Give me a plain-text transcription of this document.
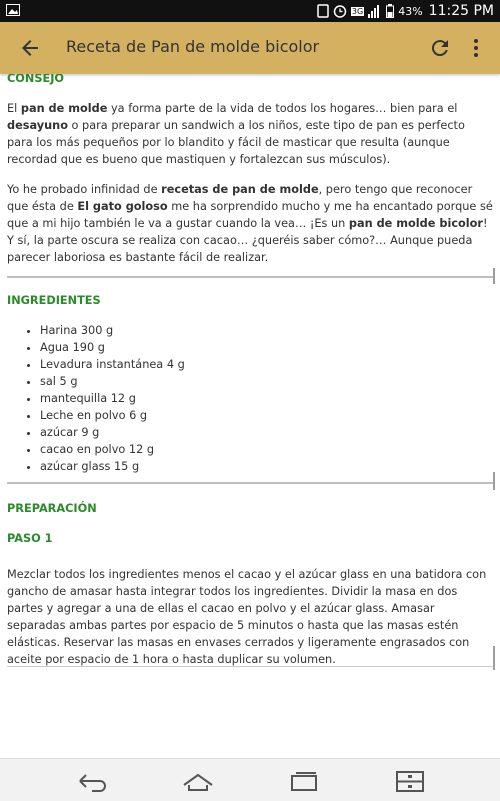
3G	43% 11:25 PM
Receta de Pan de molde bicolor
CONSEJO
El pan de molde ya forma parte de la vida de todos los hogares… bien para el desayuno o para preparar un sandwich a los niños, este tipo de pan es perfecto para los más pequeños por lo blandito y fácil de masticar que resulta (aunque recordad que es bueno que mastiquen y fortalezcan sus músculos).
Yo he probado infinidad de recetas de pan de molde, pero tengo que reconocer que ésta de El gato goloso me ha sorprendido mucho y me ha encantado porque sé que a mi hijo también le va a gustar cuando la vea… ¡Es un pan de molde bicolor! Y sí, la parte oscura se realiza con cacao… ¿queréis saber cómo?… Aunque pueda parecer laboriosa es bastante fácil de realizar.
INGREDIENTES
• Harina 300 g
• Agua 190 g
• Levadura instantánea 4 g
• sal 5 g
• mantequilla 12 g
• Leche en polvo 6 g
• azúcar 9 g
• cacao en polvo 12 g
• azúcar glass 15 g
PREPARACIÓN
PASO 1
Mezclar todos los ingredientes menos el cacao y el azúcar glass en una batidora con gancho de amasar hasta integrar todos los ingredientes. Dividir la masa en dos partes y agregar a una de ellas el cacao en polvo y el azúcar glass. Amasar separadas ambas partes por espacio de 5 minutos o hasta que las masas estén elásticas. Reservar las masas en envases cerrados y ligeramente engrasados con aceite por espacio de 1 hora o hasta duplicar su volumen.
